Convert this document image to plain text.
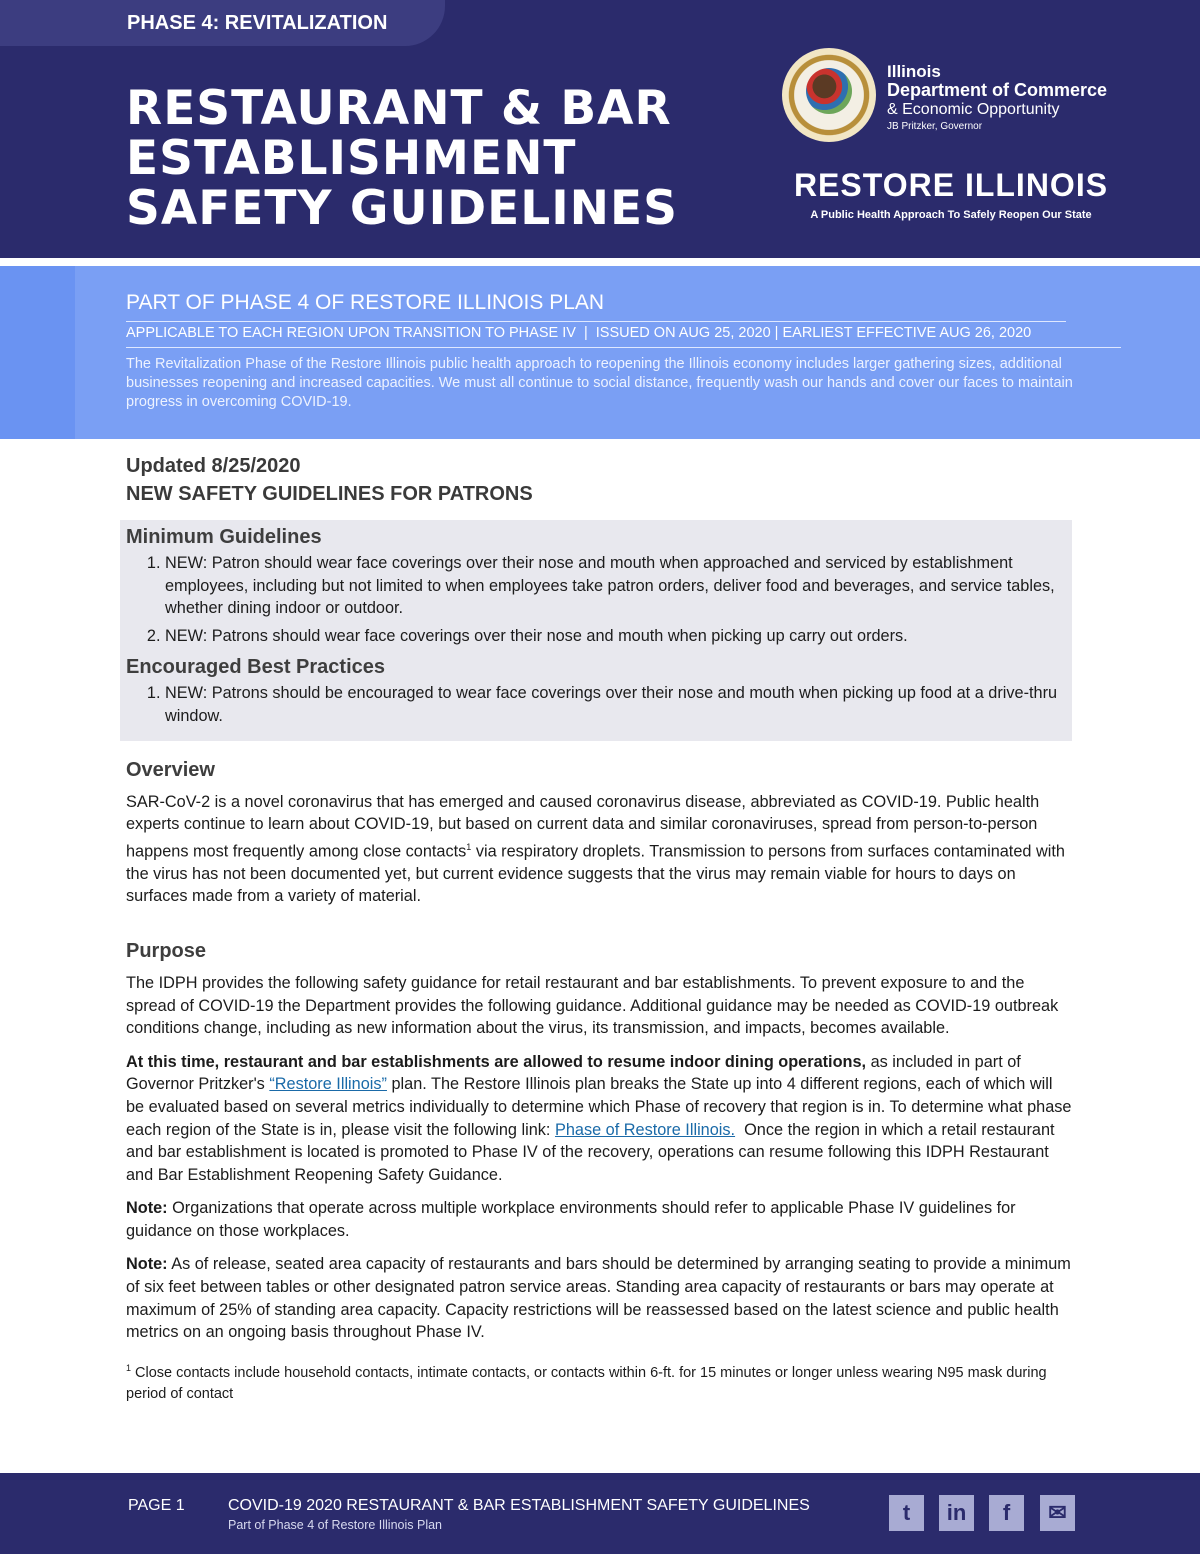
PHASE 4: REVITALIZATION
RESTAURANT & BAR
ESTABLISHMENT
SAFETY GUIDELINES
Illinois
Department of Commerce
& Economic Opportunity
JB Pritzker, Governor
RESTORE ILLINOIS
A Public Health Approach To Safely Reopen Our State
PART OF PHASE 4 OF RESTORE ILLINOIS PLAN
APPLICABLE TO EACH REGION UPON TRANSITION TO PHASE IV  |  ISSUED ON AUG 25, 2020 | EARLIEST EFFECTIVE AUG 26, 2020
The Revitalization Phase of the Restore Illinois public health approach to reopening the Illinois economy includes larger gathering sizes, additional businesses reopening and increased capacities. We must all continue to social distance, frequently wash our hands and cover our faces to maintain progress in overcoming COVID-19.
Updated 8/25/2020
NEW SAFETY GUIDELINES FOR PATRONS
Minimum Guidelines
1. NEW: Patron should wear face coverings over their nose and mouth when approached and serviced by establishment employees, including but not limited to when employees take patron orders, deliver food and beverages, and service tables, whether dining indoor or outdoor.
2. NEW: Patrons should wear face coverings over their nose and mouth when picking up carry out orders.
Encouraged Best Practices
1. NEW: Patrons should be encouraged to wear face coverings over their nose and mouth when picking up food at a drive-thru window.
Overview

SAR-CoV-2 is a novel coronavirus that has emerged and caused coronavirus disease, abbreviated as COVID-19. Public health experts continue to learn about COVID-19, but based on current data and similar coronaviruses, spread from person-to-person happens most frequently among close contacts$^1$ via respiratory droplets. Transmission to persons from surfaces contaminated with the virus has not been documented yet, but current evidence suggests that the virus may remain viable for hours to days on surfaces made from a variety of material.

Purpose

The IDPH provides the following safety guidance for retail restaurant and bar establishments. To prevent exposure to and the spread of COVID-19 the Department provides the following guidance. Additional guidance may be needed as COVID-19 outbreak conditions change, including as new information about the virus, its transmission, and impacts, becomes available.

At this time, restaurant and bar establishments are allowed to resume indoor dining operations, as included in part of Governor Pritzker's “Restore Illinois” plan. The Restore Illinois plan breaks the State up into 4 different regions, each of which will be evaluated based on several metrics individually to determine which Phase of recovery that region is in. To determine what phase each region of the State is in, please visit the following link: Phase of Restore Illinois.  Once the region in which a retail restaurant and bar establishment is located is promoted to Phase IV of the recovery, operations can resume following this IDPH Restaurant and Bar Establishment Reopening Safety Guidance.

Note: Organizations that operate across multiple workplace environments should refer to applicable Phase IV guidelines for guidance on those workplaces.

Note: As of release, seated area capacity of restaurants and bars should be determined by arranging seating to provide a minimum of six feet between tables or other designated patron service areas. Standing area capacity of restaurants or bars may operate at maximum of 25% of standing area capacity. Capacity restrictions will be reassessed based on the latest science and public health metrics on an ongoing basis throughout Phase IV.

$^1$ Close contacts include household contacts, intimate contacts, or contacts within 6-ft. for 15 minutes or longer unless wearing N95 mask during period of contact
PAGE 1	COVID-19 2020 RESTAURANT & BAR ESTABLISHMENT SAFETY GUIDELINES
Part of Phase 4 of Restore Illinois Plan	t	in	f	✉
